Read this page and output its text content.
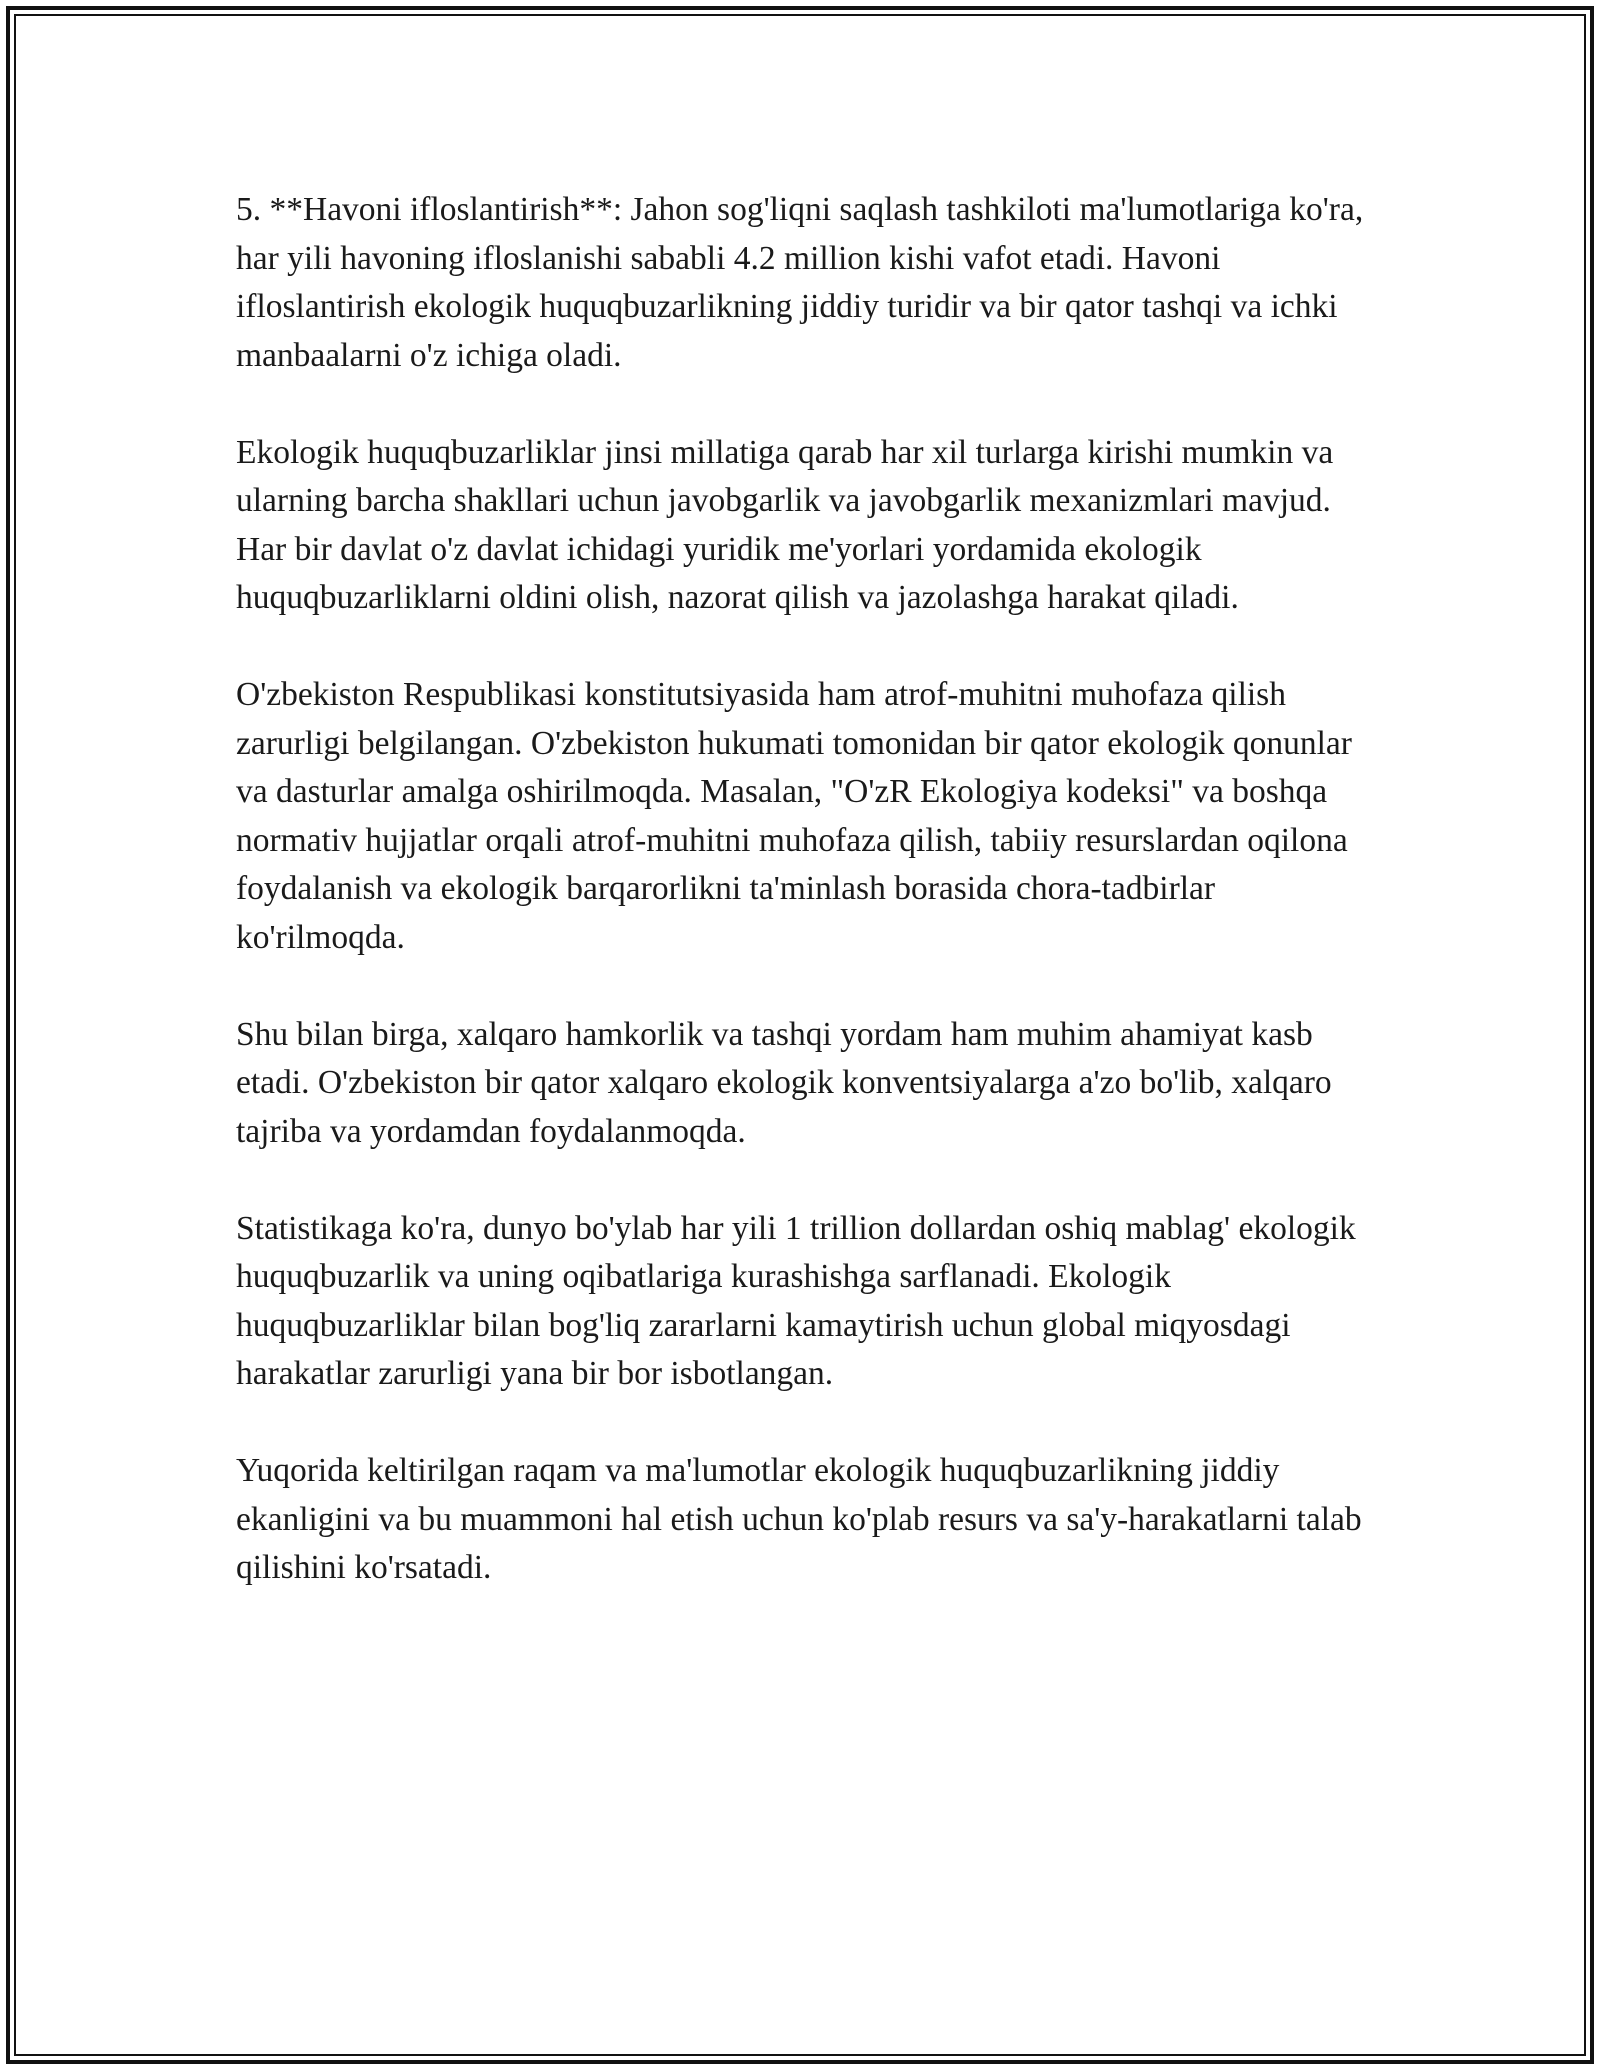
5. **Havoni ifloslantirish**: Jahon sog'liqni saqlash tashkiloti ma'lumotlariga ko'ra, har yili havoning ifloslanishi sababli 4.2 million kishi vafot etadi. Havoni ifloslantirish ekologik huquqbuzarlikning jiddiy turidir va bir qator tashqi va ichki manbaalarni o'z ichiga oladi.

Ekologik huquqbuzarliklar jinsi millatiga qarab har xil turlarga kirishi mumkin va ularning barcha shakllari uchun javobgarlik va javobgarlik mexanizmlari mavjud. Har bir davlat o'z davlat ichidagi yuridik me'yorlari yordamida ekologik huquqbuzarliklarni oldini olish, nazorat qilish va jazolashga harakat qiladi.

O'zbekiston Respublikasi konstitutsiyasida ham atrof-muhitni muhofaza qilish zarurligi belgilangan. O'zbekiston hukumati tomonidan bir qator ekologik qonunlar va dasturlar amalga oshirilmoqda. Masalan, "O'zR Ekologiya kodeksi" va boshqa normativ hujjatlar orqali atrof-muhitni muhofaza qilish, tabiiy resurslardan oqilona foydalanish va ekologik barqarorlikni ta'minlash borasida chora-tadbirlar ko'rilmoqda.

Shu bilan birga, xalqaro hamkorlik va tashqi yordam ham muhim ahamiyat kasb etadi. O'zbekiston bir qator xalqaro ekologik konventsiyalarga a'zo bo'lib, xalqaro tajriba va yordamdan foydalanmoqda.

Statistikaga ko'ra, dunyo bo'ylab har yili 1 trillion dollardan oshiq mablag' ekologik huquqbuzarlik va uning oqibatlariga kurashishga sarflanadi. Ekologik huquqbuzarliklar bilan bog'liq zararlarni kamaytirish uchun global miqyosdagi harakatlar zarurligi yana bir bor isbotlangan.

Yuqorida keltirilgan raqam va ma'lumotlar ekologik huquqbuzarlikning jiddiy ekanligini va bu muammoni hal etish uchun ko'plab resurs va sa'y-harakatlarni talab qilishini ko'rsatadi.
